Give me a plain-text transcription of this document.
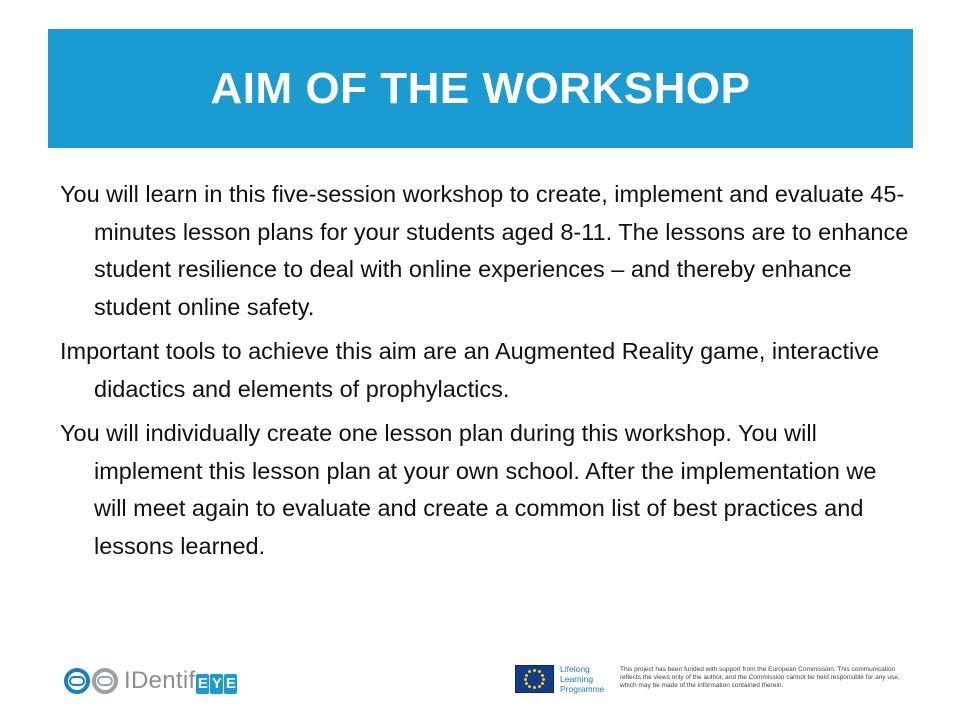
AIM OF THE WORKSHOP

You will learn in this five-session workshop to create, implement and evaluate 45-minutes lesson plans for your students aged 8-11. The lessons are to enhance student resilience to deal with online experiences – and thereby enhance student online safety.

Important tools to achieve this aim are an Augmented Reality game, interactive didactics and elements of prophylactics.

You will individually create one lesson plan during this workshop. You will implement this lesson plan at your own school. After the implementation we will meet again to evaluate and create a common list of best practices and lessons learned.

IDentif E Y E
Lifelong
Learning
Programme
This project has been funded with support from the European Commission. This communication reflects the views only of the author, and the Commission cannot be held responsible for any use, which may be made of the information contained therein.
